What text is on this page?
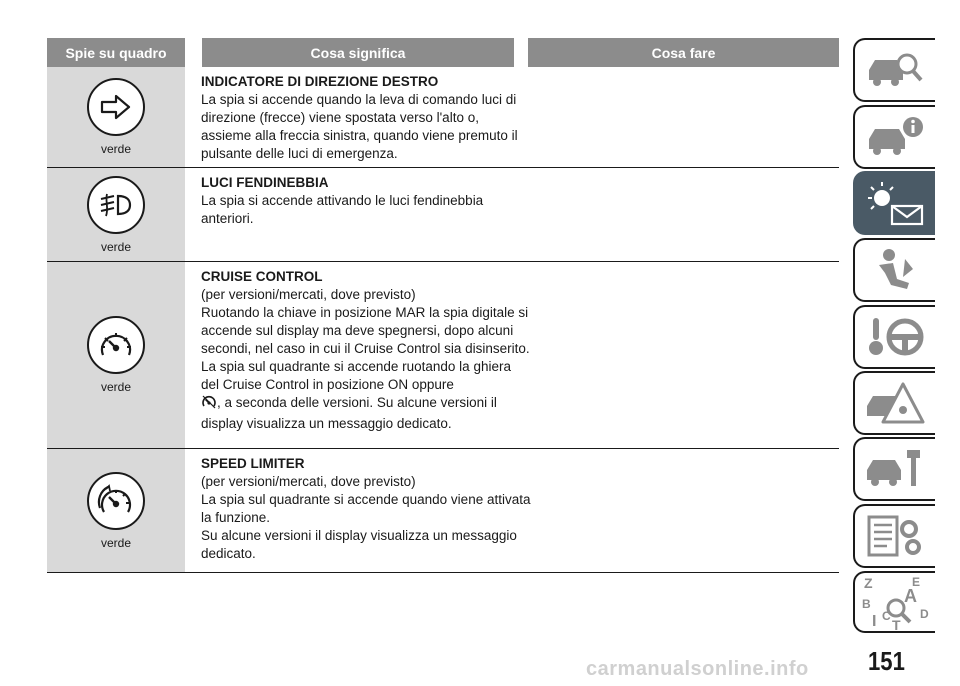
Spie su quadro	Cosa significa	Cosa fare
verde
INDICATORE DI DIREZIONE DESTRO
La spia si accende quando la leva di comando luci di direzione (frecce) viene spostata verso l'alto o, assieme alla freccia sinistra, quando viene premuto il pulsante delle luci di emergenza.
verde
LUCI FENDINEBBIA
La spia si accende attivando le luci fendinebbia anteriori.
verde
CRUISE CONTROL
(per versioni/mercati, dove previsto)
Ruotando la chiave in posizione MAR la spia digitale si accende sul display ma deve spegnersi, dopo alcuni secondi, nel caso in cui il Cruise Control sia disinserito.
La spia sul quadrante si accende ruotando la ghiera del Cruise Control in posizione ON oppure
, a seconda delle versioni. Su alcune versioni il display visualizza un messaggio dedicato.
verde
SPEED LIMITER
(per versioni/mercati, dove previsto)
La spia sul quadrante si accende quando viene attivata la funzione.
Su alcune versioni il display visualizza un messaggio dedicato.
Z	E
B A
I C D
T
carmanualsonline.info 151
